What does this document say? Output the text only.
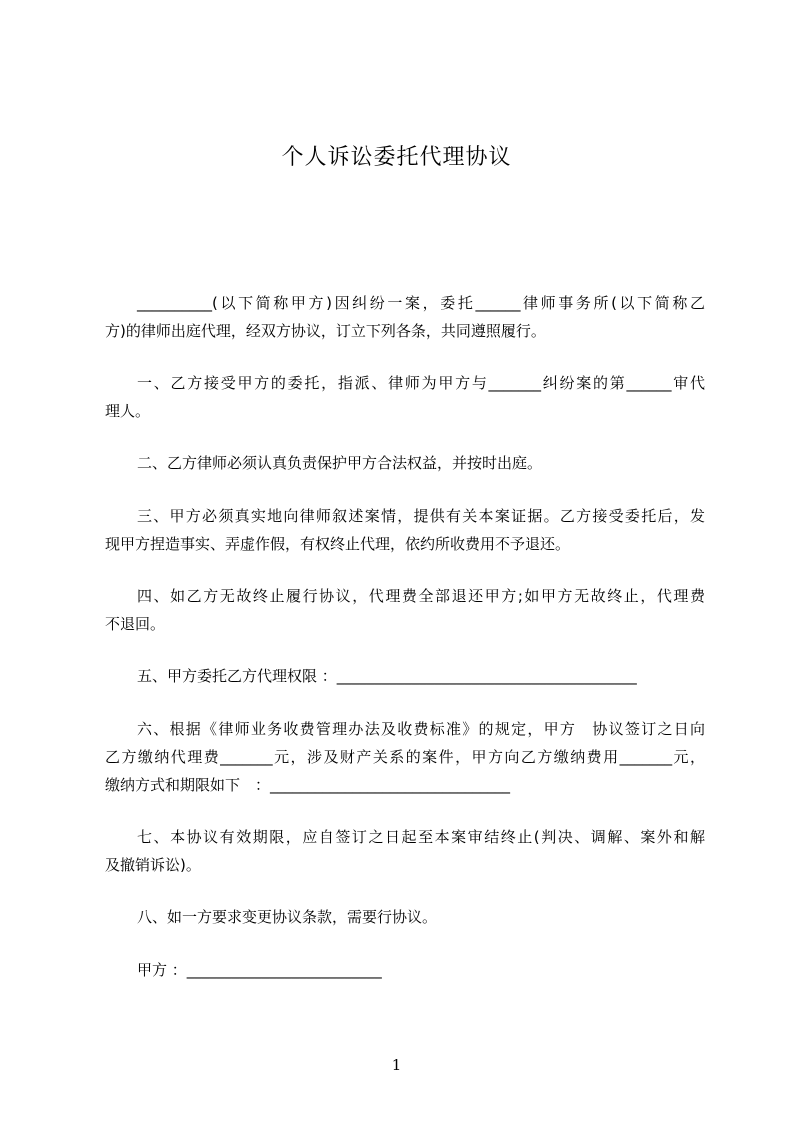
个人诉讼委托代理协议
__________(以下简称甲方)因纠纷一案，委托______律师事务所(以下简称乙
方)的律师出庭代理，经双方协议，订立下列各条，共同遵照履行。
一、乙方接受甲方的委托，指派、律师为甲方与_______纠纷案的第______审代
理人。
二、乙方律师必须认真负责保护甲方合法权益，并按时出庭。
三、甲方必须真实地向律师叙述案情，提供有关本案证据。乙方接受委托后，发
现甲方捏造事实、弄虚作假，有权终止代理，依约所收费用不予退还。
四、如乙方无故终止履行协议，代理费全部退还甲方;如甲方无故终止，代理费
不退回。
五、甲方委托乙方代理权限 ：________________________________________
六、根据《律师业务收费管理办法及收费标准》的规定，甲方　协议签订之日向
乙方缴纳代理费_______元，涉及财产关系的案件，甲方向乙方缴纳费用_______元，
缴纳方式和期限如下　：________________________________
七、本协议有效期限，应自签订之日起至本案审结终止(判决、调解、案外和解
及撤销诉讼)。
八、如一方要求变更协议条款，需要行协议。
甲方 ：__________________________
1
